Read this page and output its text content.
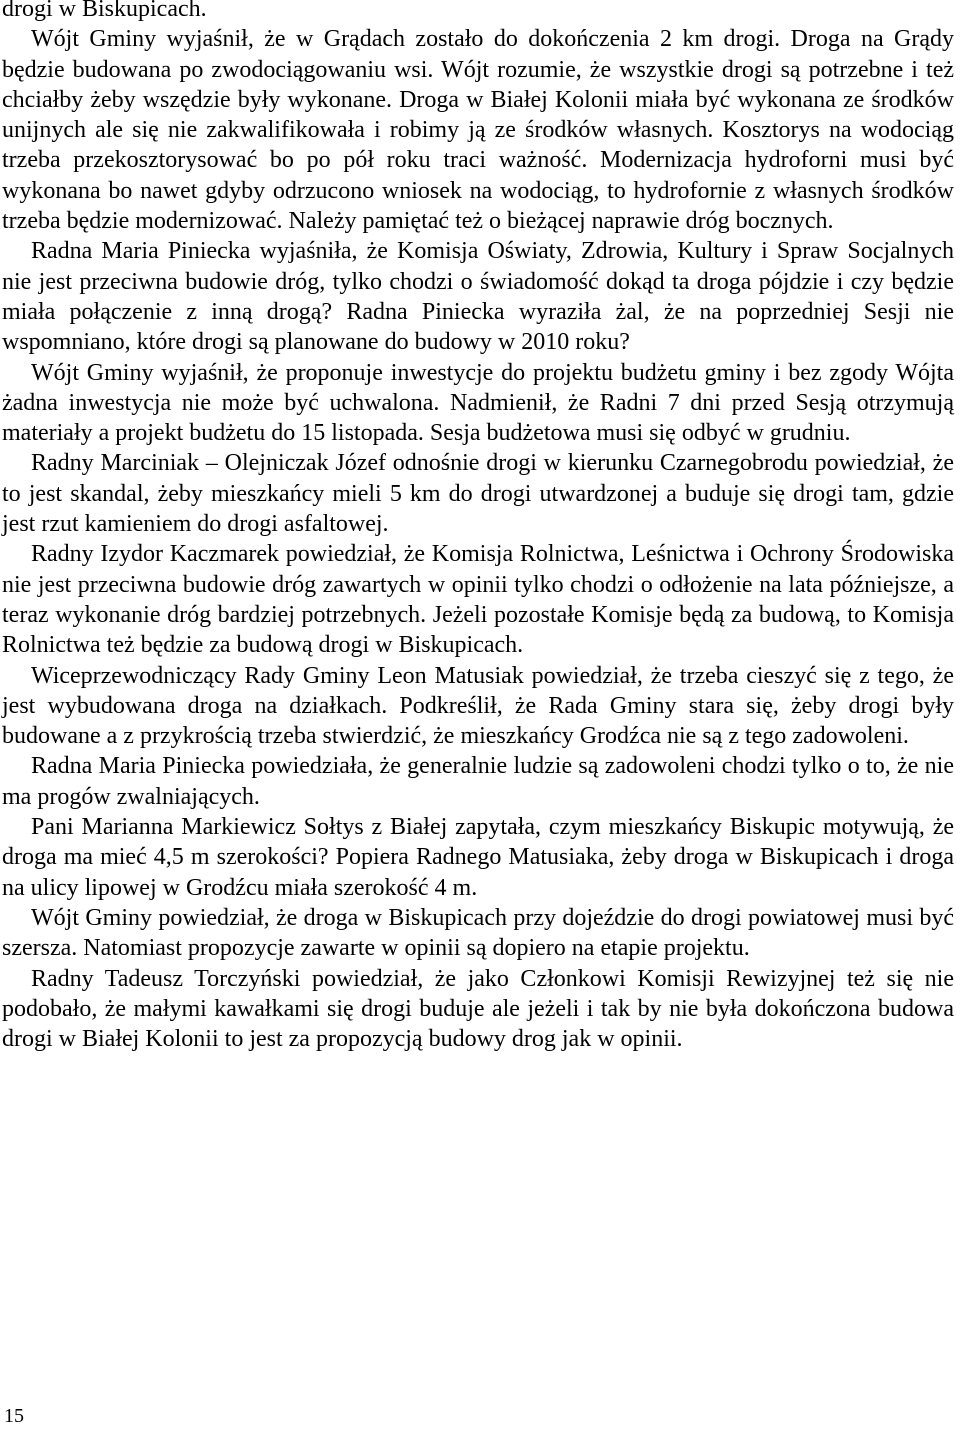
drogi w Biskupicach.

Wójt Gminy wyjaśnił, że w Grądach zostało do dokończenia 2 km drogi. Droga na Grądy będzie budowana po zwodociągowaniu wsi. Wójt rozumie, że wszystkie drogi są potrzebne i też chciałby żeby wszędzie były wykonane. Droga w Białej Kolonii miała być wykonana ze środków unijnych ale się nie zakwalifikowała i robimy ją ze środków własnych. Kosztorys na wodociąg trzeba przekosztorysować bo po pół roku traci ważność. Modernizacja hydroforni musi być wykonana bo nawet gdyby odrzucono wniosek na wodociąg, to hydrofornie z własnych środków trzeba będzie modernizować. Należy pamiętać też o bieżącej naprawie dróg bocznych.

Radna Maria Piniecka wyjaśniła, że Komisja Oświaty, Zdrowia, Kultury i Spraw Socjalnych nie jest przeciwna budowie dróg, tylko chodzi o świadomość dokąd ta droga pójdzie i czy będzie miała połączenie z inną drogą? Radna Piniecka wyraziła żal, że na poprzedniej Sesji nie wspomniano, które drogi są planowane do budowy w 2010 roku?

Wójt Gminy wyjaśnił, że proponuje inwestycje do projektu budżetu gminy i bez zgody Wójta żadna inwestycja nie może być uchwalona. Nadmienił, że Radni 7 dni przed Sesją otrzymują materiały a projekt budżetu do 15 listopada. Sesja budżetowa musi się odbyć w grudniu.

Radny Marciniak – Olejniczak Józef odnośnie drogi w kierunku Czarnegobrodu powiedział, że to jest skandal, żeby mieszkańcy mieli 5 km do drogi utwardzonej a buduje się drogi tam, gdzie jest rzut kamieniem do drogi asfaltowej.

Radny Izydor Kaczmarek powiedział, że Komisja Rolnictwa, Leśnictwa i Ochrony Środowiska nie jest przeciwna budowie dróg zawartych w opinii tylko chodzi o odłożenie na lata późniejsze, a teraz wykonanie dróg bardziej potrzebnych. Jeżeli pozostałe Komisje będą za budową, to Komisja Rolnictwa też będzie za budową drogi w Biskupicach.

Wiceprzewodniczący Rady Gminy Leon Matusiak powiedział, że trzeba cieszyć się z tego, że jest wybudowana droga na działkach. Podkreślił, że Rada Gminy stara się, żeby drogi były budowane a z przykrością trzeba stwierdzić, że mieszkańcy Grodźca nie są z tego zadowoleni.

Radna Maria Piniecka powiedziała, że generalnie ludzie są zadowoleni chodzi tylko o to, że nie ma progów zwalniających.

Pani Marianna Markiewicz Sołtys z Białej zapytała, czym mieszkańcy Biskupic motywują, że droga ma mieć 4,5 m szerokości? Popiera Radnego Matusiaka, żeby droga w Biskupicach i droga na ulicy lipowej w Grodźcu miała szerokość 4 m.

Wójt Gminy powiedział, że droga w Biskupicach przy dojeździe do drogi powiatowej musi być szersza. Natomiast propozycje zawarte w opinii są dopiero na etapie projektu.

Radny Tadeusz Torczyński powiedział, że jako Członkowi Komisji Rewizyjnej też się nie podobało, że małymi kawałkami się drogi buduje ale jeżeli i tak by nie była dokończona budowa drogi w Białej Kolonii to jest za propozycją budowy drog jak w opinii.

15
